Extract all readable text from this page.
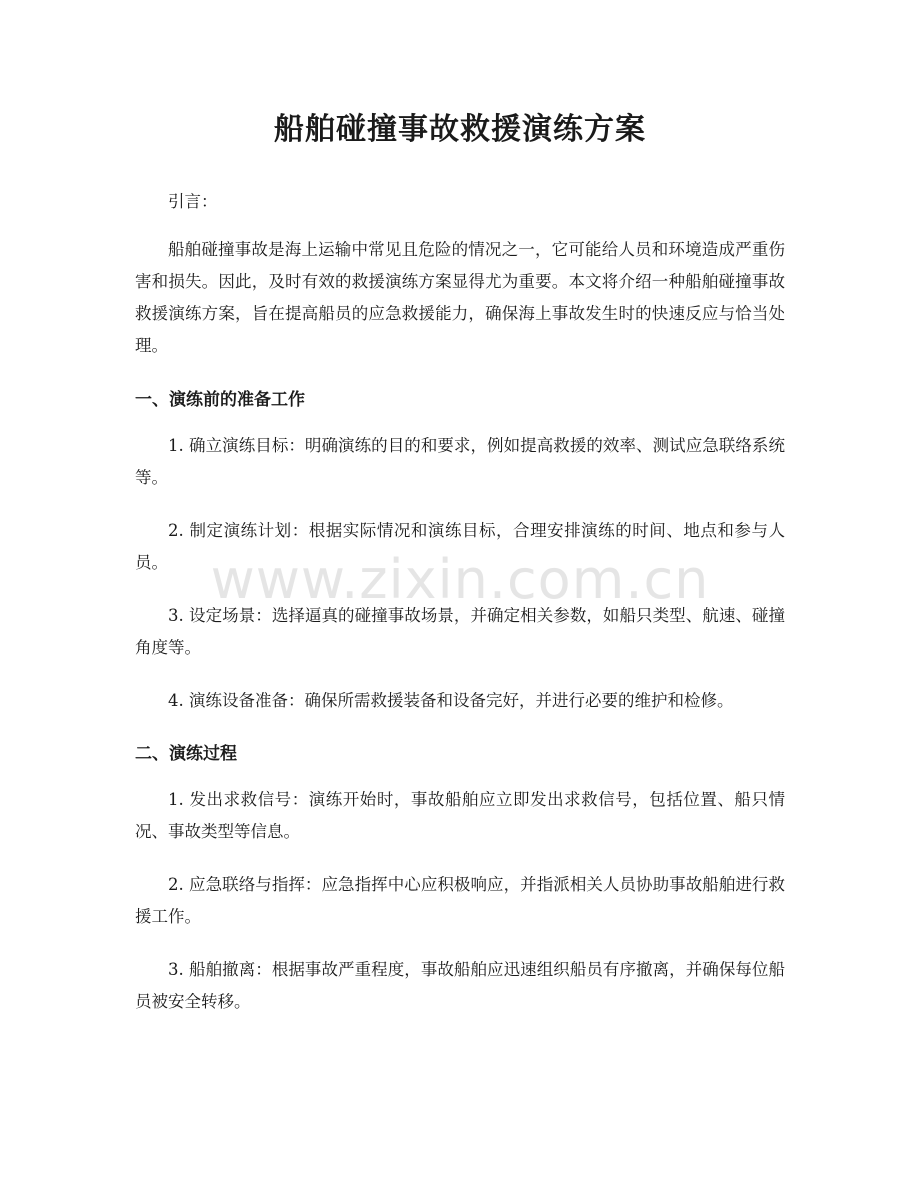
船舶碰撞事故救援演练方案

引言：

船舶碰撞事故是海上运输中常见且危险的情况之一，它可能给人员和环境造成严重伤害和损失。因此，及时有效的救援演练方案显得尤为重要。本文将介绍一种船舶碰撞事故救援演练方案，旨在提高船员的应急救援能力，确保海上事故发生时的快速反应与恰当处理。

一、演练前的准备工作

1. 确立演练目标：明确演练的目的和要求，例如提高救援的效率、测试应急联络系统等。

2. 制定演练计划：根据实际情况和演练目标，合理安排演练的时间、地点和参与人员。

3. 设定场景：选择逼真的碰撞事故场景，并确定相关参数，如船只类型、航速、碰撞角度等。

4. 演练设备准备：确保所需救援装备和设备完好，并进行必要的维护和检修。

二、演练过程

1. 发出求救信号：演练开始时，事故船舶应立即发出求救信号，包括位置、船只情况、事故类型等信息。

2. 应急联络与指挥：应急指挥中心应积极响应，并指派相关人员协助事故船舶进行救援工作。

3. 船舶撤离：根据事故严重程度，事故船舶应迅速组织船员有序撤离，并确保每位船员被安全转移。

www.zixin.com.cn
